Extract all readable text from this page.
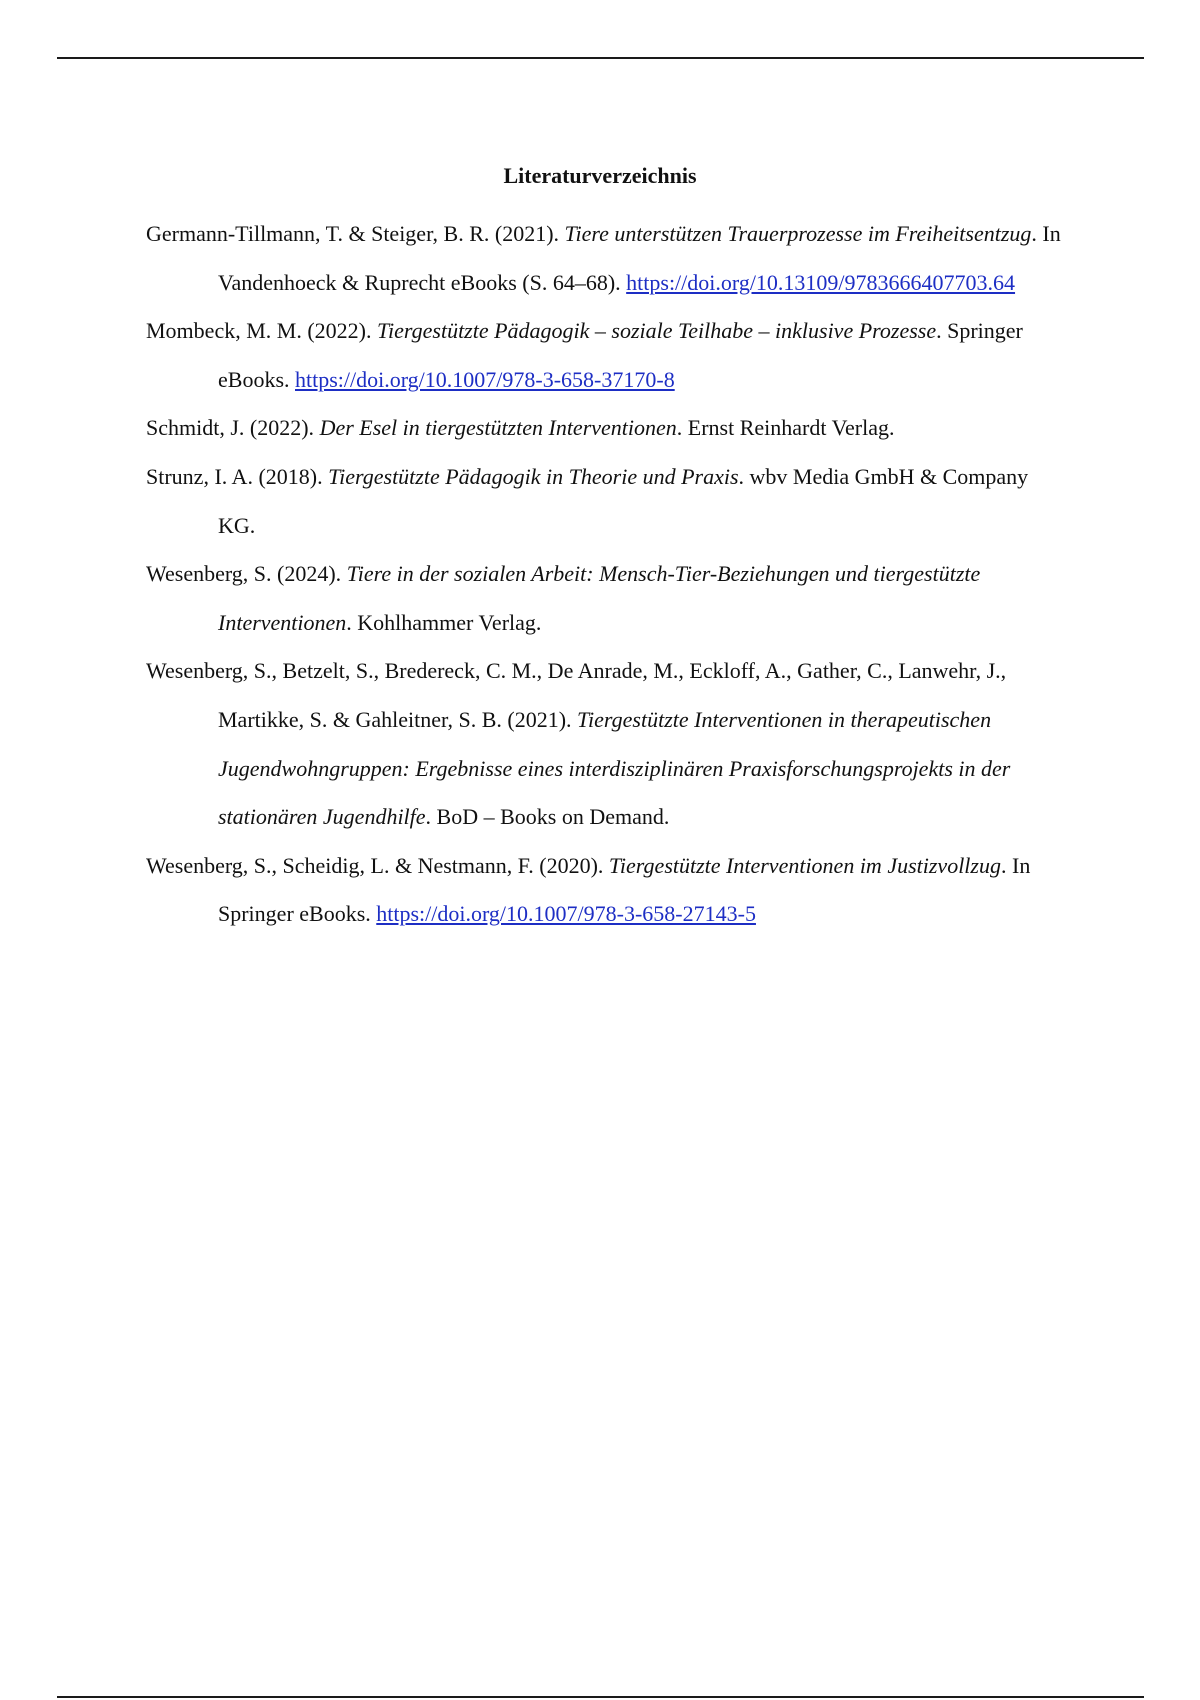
Literaturverzeichnis
Germann-Tillmann, T. & Steiger, B. R. (2021). Tiere unterstützen Trauerprozesse im Freiheitsentzug. In Vandenhoeck & Ruprecht eBooks (S. 64–68). https://doi.org/10.13109/9783666407703.64
Mombeck, M. M. (2022). Tiergestützte Pädagogik – soziale Teilhabe – inklusive Prozesse. Springer eBooks. https://doi.org/10.1007/978-3-658-37170-8
Schmidt, J. (2022). Der Esel in tiergestützten Interventionen. Ernst Reinhardt Verlag.
Strunz, I. A. (2018). Tiergestützte Pädagogik in Theorie und Praxis. wbv Media GmbH & Company KG.
Wesenberg, S. (2024). Tiere in der sozialen Arbeit: Mensch-Tier-Beziehungen und tiergestützte Interventionen. Kohlhammer Verlag.
Wesenberg, S., Betzelt, S., Bredereck, C. M., De Anrade, M., Eckloff, A., Gather, C., Lanwehr, J., Martikke, S. & Gahleitner, S. B. (2021). Tiergestützte Interventionen in therapeutischen Jugendwohngruppen: Ergebnisse eines interdisziplinären Praxisforschungsprojekts in der stationären Jugendhilfe. BoD – Books on Demand.
Wesenberg, S., Scheidig, L. & Nestmann, F. (2020). Tiergestützte Interventionen im Justizvollzug. In Springer eBooks. https://doi.org/10.1007/978-3-658-27143-5
